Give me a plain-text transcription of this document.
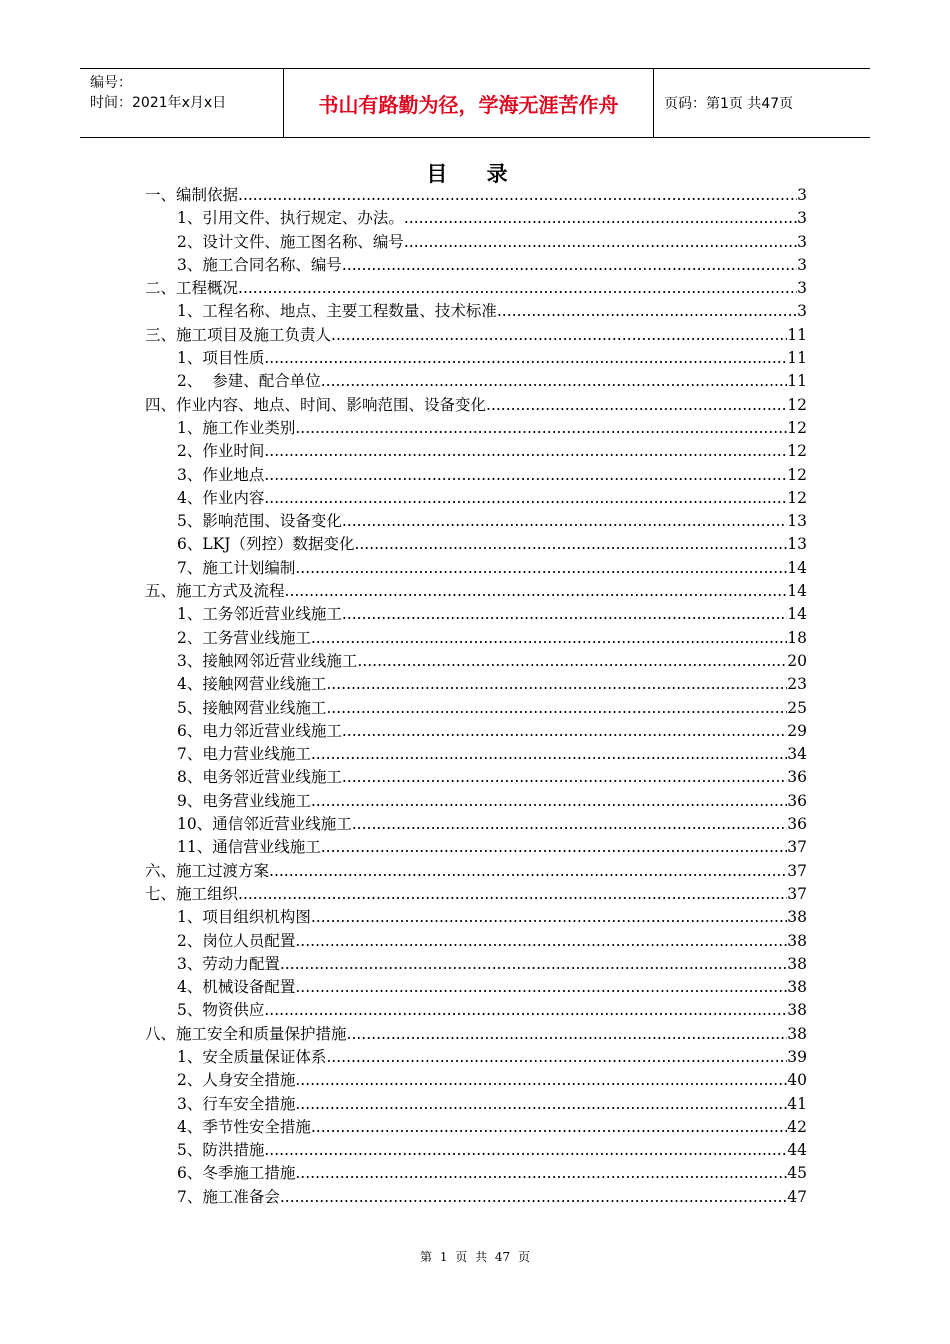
编号：
时间：2021年x月x日	书山有路勤为径，学海无涯苦作舟	页码：第1页 共47页
目 录
一、编制依据 .....	3
1、引用文件、执行规定、办法。 .....	3
2、设计文件、施工图名称、编号 .....	3
3、施工合同名称、编号 .....	3
二、工程概况 .....	3
1、工程名称、地点、主要工程数量、技术标准 .....	3
三、施工项目及施工负责人 .....	11
1、项目性质 .....	11
2、  参建、配合单位 .....	11
四、作业内容、地点、时间、影响范围、设备变化 .....	12
1、施工作业类别 .....	12
2、作业时间 .....	12
3、作业地点 .....	12
4、作业内容 .....	12
5、影响范围、设备变化 .....	13
6、LKJ（列控）数据变化 .....	13
7、施工计划编制 .....	14
五、施工方式及流程 .....	14
1、工务邻近营业线施工 .....	14
2、工务营业线施工 .....	18
3、接触网邻近营业线施工 .....	20
4、接触网营业线施工 .....	23
5、接触网营业线施工 .....	25
6、电力邻近营业线施工 .....	29
7、电力营业线施工 .....	34
8、电务邻近营业线施工 .....	36
9、电务营业线施工 .....	36
10、通信邻近营业线施工 .....	36
11、通信营业线施工 .....	37
六、施工过渡方案 .....	37
七、施工组织 .....	37
1、项目组织机构图 .....	38
2、岗位人员配置 .....	38
3、劳动力配置 .....	38
4、机械设备配置 .....	38
5、物资供应 .....	38
八、施工安全和质量保护措施 .....	38
1、安全质量保证体系 .....	39
2、人身安全措施 .....	40
3、行车安全措施 .....	41
4、季节性安全措施 .....	42
5、防洪措施 .....	44
6、冬季施工措施 .....	45
7、施工准备会 .....	47
第 1 页 共 47 页
